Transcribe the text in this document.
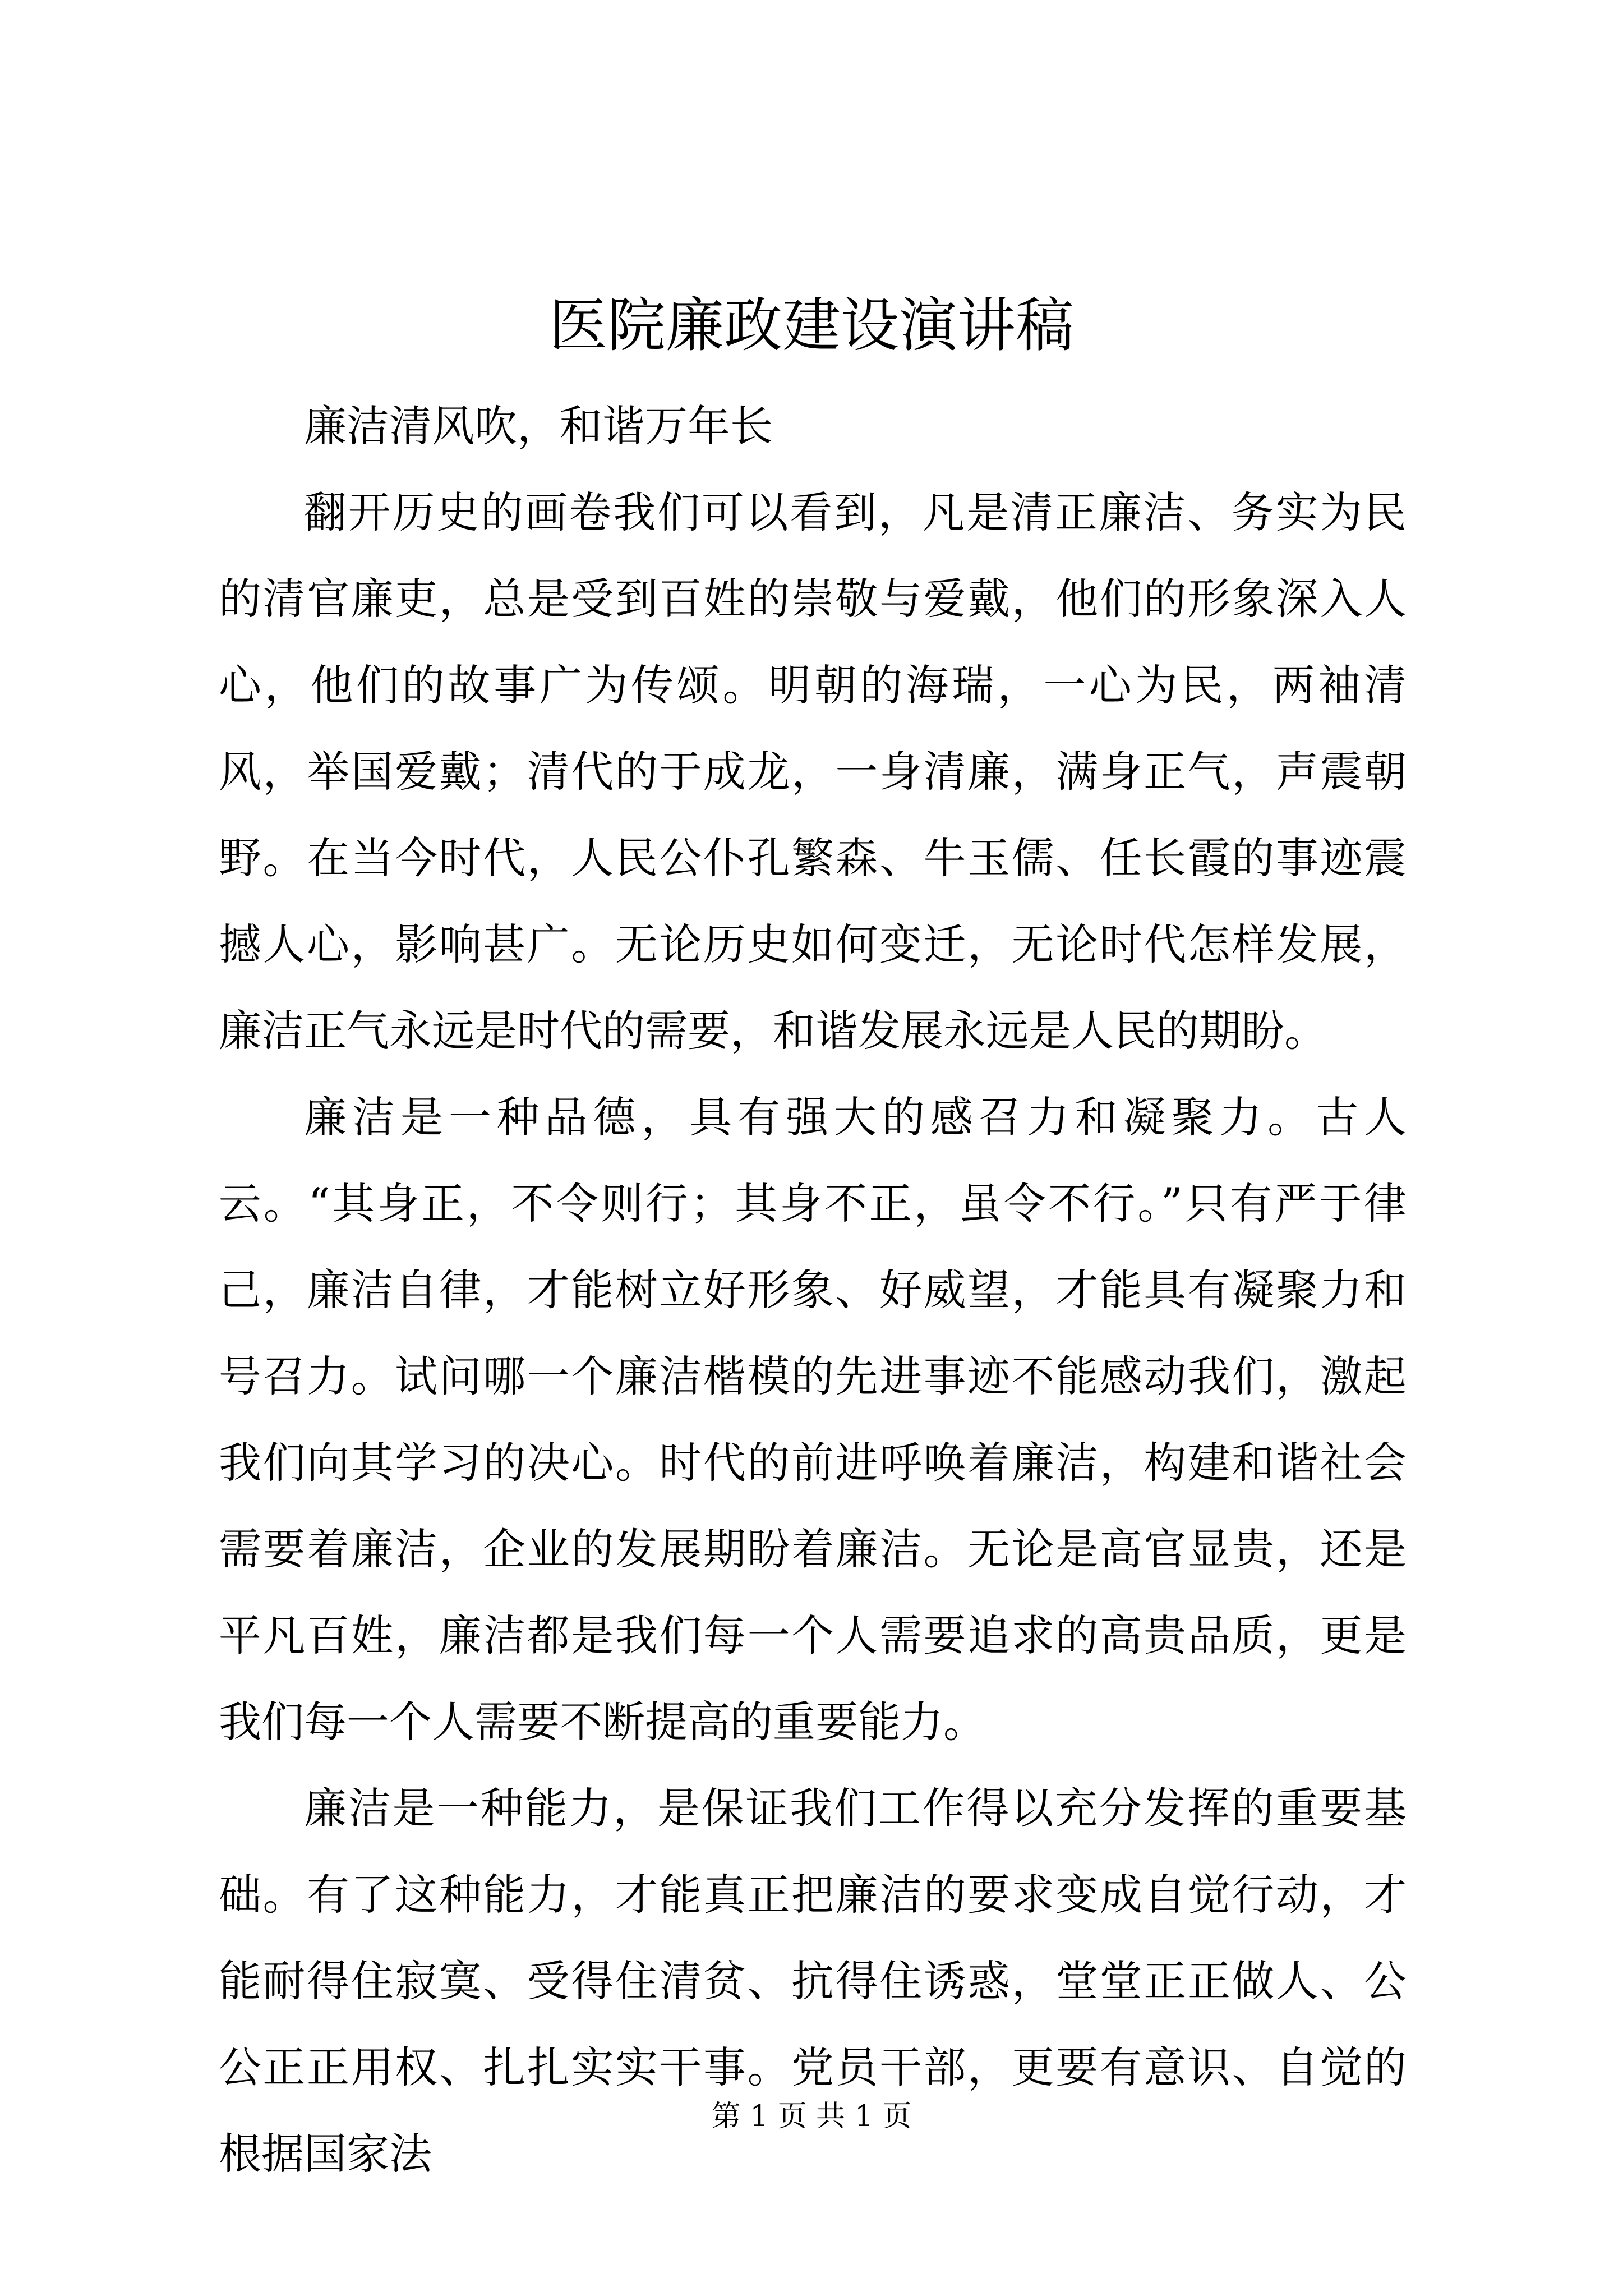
医院廉政建设演讲稿

廉洁清风吹，和谐万年长

翻开历史的画卷我们可以看到，凡是清正廉洁、务实为民的清官廉吏，总是受到百姓的崇敬与爱戴，他们的形象深入人心，他们的故事广为传颂。明朝的海瑞，一心为民，两袖清风，举国爱戴；清代的于成龙，一身清廉，满身正气，声震朝野。在当今时代，人民公仆孔繁森、牛玉儒、任长霞的事迹震撼人心，影响甚广。无论历史如何变迁，无论时代怎样发展，廉洁正气永远是时代的需要，和谐发展永远是人民的期盼。

廉洁是一种品德，具有强大的感召力和凝聚力。古人云。“其身正，不令则行；其身不正，虽令不行。”只有严于律己，廉洁自律，才能树立好形象、好威望，才能具有凝聚力和号召力。试问哪一个廉洁楷模的先进事迹不能感动我们，激起我们向其学习的决心。时代的前进呼唤着廉洁，构建和谐社会需要着廉洁，企业的发展期盼着廉洁。无论是高官显贵，还是平凡百姓，廉洁都是我们每一个人需要追求的高贵品质，更是我们每一个人需要不断提高的重要能力。

廉洁是一种能力，是保证我们工作得以充分发挥的重要基础。有了这种能力，才能真正把廉洁的要求变成自觉行动，才能耐得住寂寞、受得住清贫、抗得住诱惑，堂堂正正做人、公公正正用权、扎扎实实干事。党员干部，更要有意识、自觉的根据国家法

第 1 页 共 1 页
